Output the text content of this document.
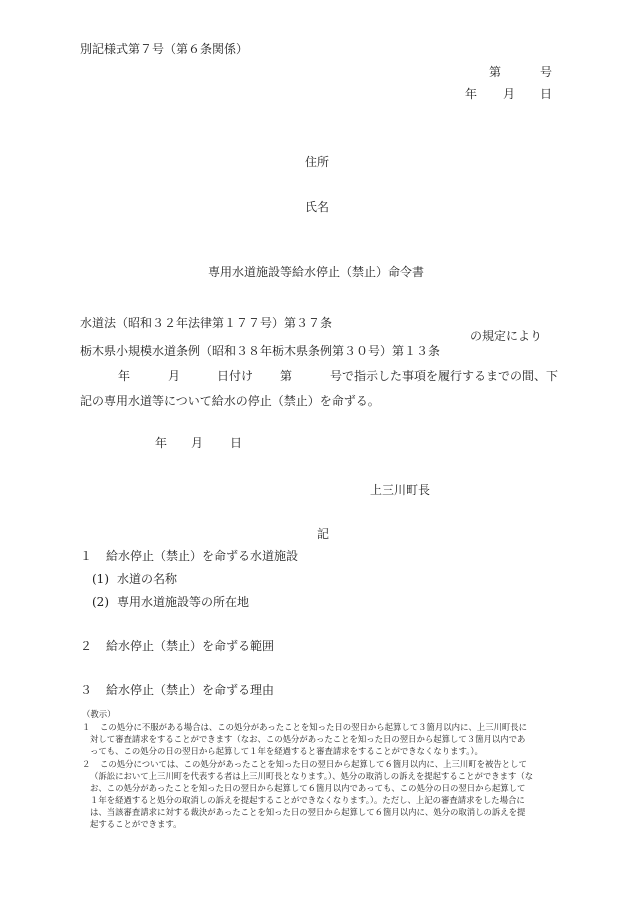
別記様式第７号（第６条関係）
第	号
年 月 日
住所
氏名
専用水道施設等給水停止（禁止）命令書
水道法（昭和３２年法律第１７７号）第３７条
の規定により
栃木県小規模水道条例（昭和３８年栃木県条例第３０号）第１３条
年	月	日付け 第	号で指示した事項を履行するまでの間、下
記の専用水道等について給水の停止（禁止）を命ずる。
年 月 日
上三川町長
記
１ 給水停止（禁止）を命ずる水道施設
(1) 水道の名称
(2) 専用水道施設等の所在地
２ 給水停止（禁止）を命ずる範囲
３ 給水停止（禁止）を命ずる理由
（教示）
１ この処分に不服がある場合は、この処分があったことを知った日の翌日から起算して３箇月以内に、上三川町長に
対して審査請求をすることができます（なお、この処分があったことを知った日の翌日から起算して３箇月以内であ
っても、この処分の日の翌日から起算して１年を経過すると審査請求をすることができなくなります。）。
２ この処分については、この処分があったことを知った日の翌日から起算して６箇月以内に、上三川町を被告として
（訴訟において上三川町を代表する者は上三川町長となります。）、処分の取消しの訴えを提起することができます（な
お、この処分があったことを知った日の翌日から起算して６箇月以内であっても、この処分の日の翌日から起算して
１年を経過すると処分の取消しの訴えを提起することができなくなります。）。ただし、上記の審査請求をした場合に
は、当該審査請求に対する裁決があったことを知った日の翌日から起算して６箇月以内に、処分の取消しの訴えを提
起することができます。
